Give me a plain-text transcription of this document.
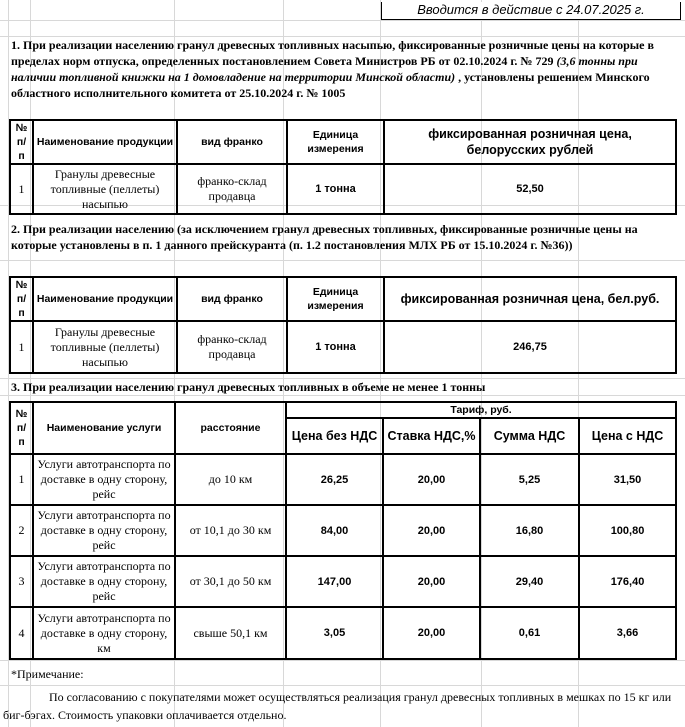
Вводится в действие с 24.07.2025 г.
1. При реализации населению гранул древесных топливных насыпью, фиксированные розничные цены на которые в пределах норм отпуска, определенных постановлением Совета Министров РБ от 02.10.2024 г. № 729 (3,6 тонны при наличии топливной книжки на 1 домовладение на территории Минской области) , установлены решением Минского областного исполнительного комитета от 25.10.2024 г. № 1005
№ п/ п	Наименование продукции	вид франко	Единица измерения	фиксированная розничная цена, белорусских рублей
1	Гранулы древесные топливные (пеллеты) насыпью	франко-склад продавца	1 тонна	52,50
2. При реализации населению (за исключением гранул древесных топливных, фиксированные розничные цены на которые установлены в п. 1 данного прейскуранта (п. 1.2 постановления МЛХ РБ от 15.10.2024 г. №36))
№ п/ п	Наименование продукции	вид франко	Единица измерения	фиксированная розничная цена, бел.руб.
1	Гранулы древесные топливные (пеллеты) насыпью	франко-склад продавца	1 тонна	246,75
3. При реализации населению гранул древесных топливных в объеме не менее 1 тонны
№ п/ п	Наименование услуги	расстояние	Тариф, руб.			
			Цена без НДС	Ставка НДС,%	Сумма НДС	Цена с НДС
1	Услуги автотранспорта по доставке в одну сторону, рейс	до 10 км	26,25	20,00	5,25	31,50
2	Услуги автотранспорта по доставке в одну сторону, рейс	от 10,1 до 30 км	84,00	20,00	16,80	100,80
3	Услуги автотранспорта по доставке в одну сторону, рейс	от 30,1 до 50 км	147,00	20,00	29,40	176,40
4	Услуги автотранспорта по доставке в одну сторону, км	свыше 50,1 км	3,05	20,00	0,61	3,66
*Примечание:
По согласованию с покупателями может осуществляться реализация гранул древесных топливных в мешках по 15 кг или биг-бэгах. Стоимость упаковки оплачивается отдельно.
